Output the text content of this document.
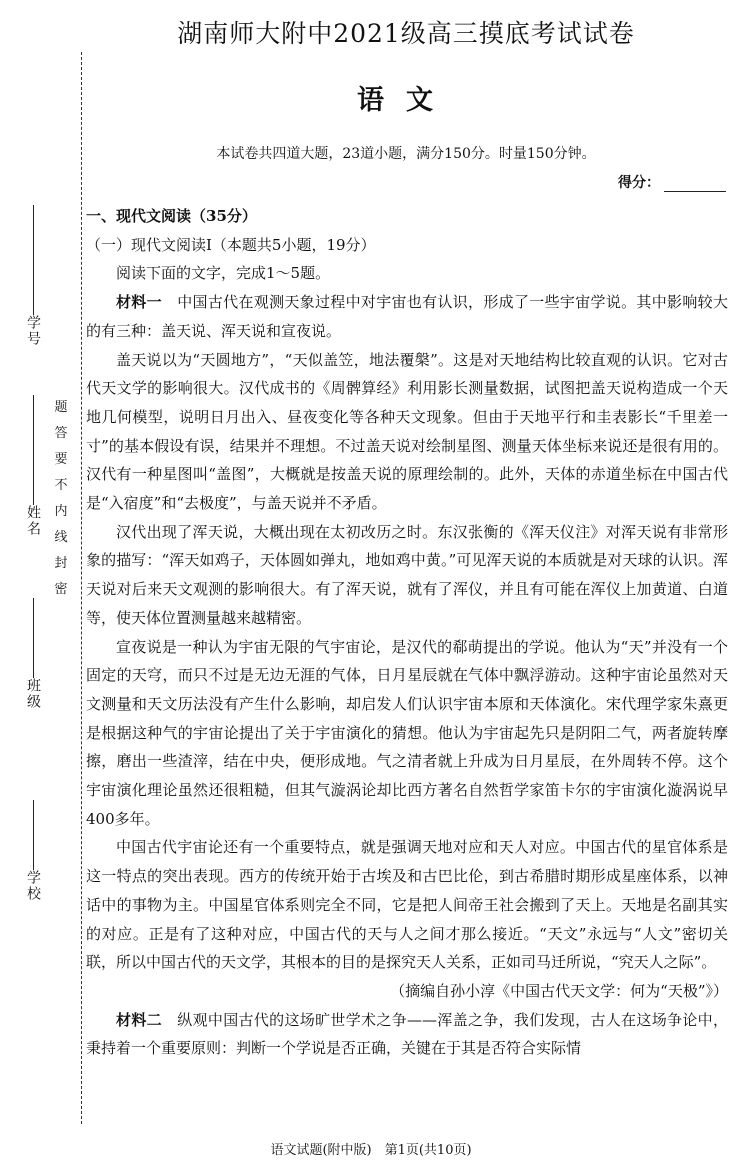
学号
姓名
班级
学校
题
答
要
不
内
线
封
密
湖南师大附中2021级高三摸底考试试卷
语文
本试卷共四道大题，23道小题，满分150分。时量150分钟。
得分：

一、现代文阅读（35分）

（一）现代文阅读Ⅰ（本题共5小题，19分）

阅读下面的文字，完成1～5题。

材料一　 中国古代在观测天象过程中对宇宙也有认识，形成了一些宇宙学说。其中影响较大的有三种：盖天说、浑天说和宣夜说。

盖天说以为“天圆地方”，“天似盖笠，地法覆槃”。这是对天地结构比较直观的认识。它对古代天文学的影响很大。汉代成书的《周髀算经》利用影长测量数据，试图把盖天说构造成一个天地几何模型，说明日月出入、昼夜变化等各种天文现象。但由于天地平行和圭表影长“千里差一寸”的基本假设有误，结果并不理想。不过盖天说对绘制星图、测量天体坐标来说还是很有用的。汉代有一种星图叫“盖图”，大概就是按盖天说的原理绘制的。此外，天体的赤道坐标在中国古代是“入宿度”和“去极度”，与盖天说并不矛盾。

汉代出现了浑天说，大概出现在太初改历之时。东汉张衡的《浑天仪注》对浑天说有非常形象的描写：“浑天如鸡子，天体圆如弹丸，地如鸡中黄。”可见浑天说的本质就是对天球的认识。浑天说对后来天文观测的影响很大。有了浑天说，就有了浑仪，并且有可能在浑仪上加黄道、白道等，使天体位置测量越来越精密。

宣夜说是一种认为宇宙无限的气宇宙论，是汉代的郗萌提出的学说。他认为“天”并没有一个固定的天穹，而只不过是无边无涯的气体，日月星辰就在气体中飘浮游动。这种宇宙论虽然对天文测量和天文历法没有产生什么影响，却启发人们认识宇宙本原和天体演化。宋代理学家朱熹更是根据这种气的宇宙论提出了关于宇宙演化的猜想。他认为宇宙起先只是阴阳二气，两者旋转摩擦，磨出一些渣滓，结在中央，便形成地。气之清者就上升成为日月星辰，在外周转不停。这个宇宙演化理论虽然还很粗糙，但其气漩涡论却比西方著名自然哲学家笛卡尔的宇宙演化漩涡说早400多年。

中国古代宇宙论还有一个重要特点，就是强调天地对应和天人对应。中国古代的星官体系是这一特点的突出表现。西方的传统开始于古埃及和古巴比伦，到古希腊时期形成星座体系，以神话中的事物为主。中国星官体系则完全不同，它是把人间帝王社会搬到了天上。天地是名副其实的对应。正是有了这种对应，中国古代的天与人之间才那么接近。“天文”永远与“人文”密切关联，所以中国古代的天文学，其根本的目的是探究天人关系，正如司马迁所说，“究天人之际”。

（摘编自孙小淳《中国古代天文学：何为“天极”》）

材料二　 纵观中国古代的这场旷世学术之争——浑盖之争，我们发现，古人在这场争论中，秉持着一个重要原则：判断一个学说是否正确，关键在于其是否符合实际情

语文试题(附中版)　第1页(共10页)
